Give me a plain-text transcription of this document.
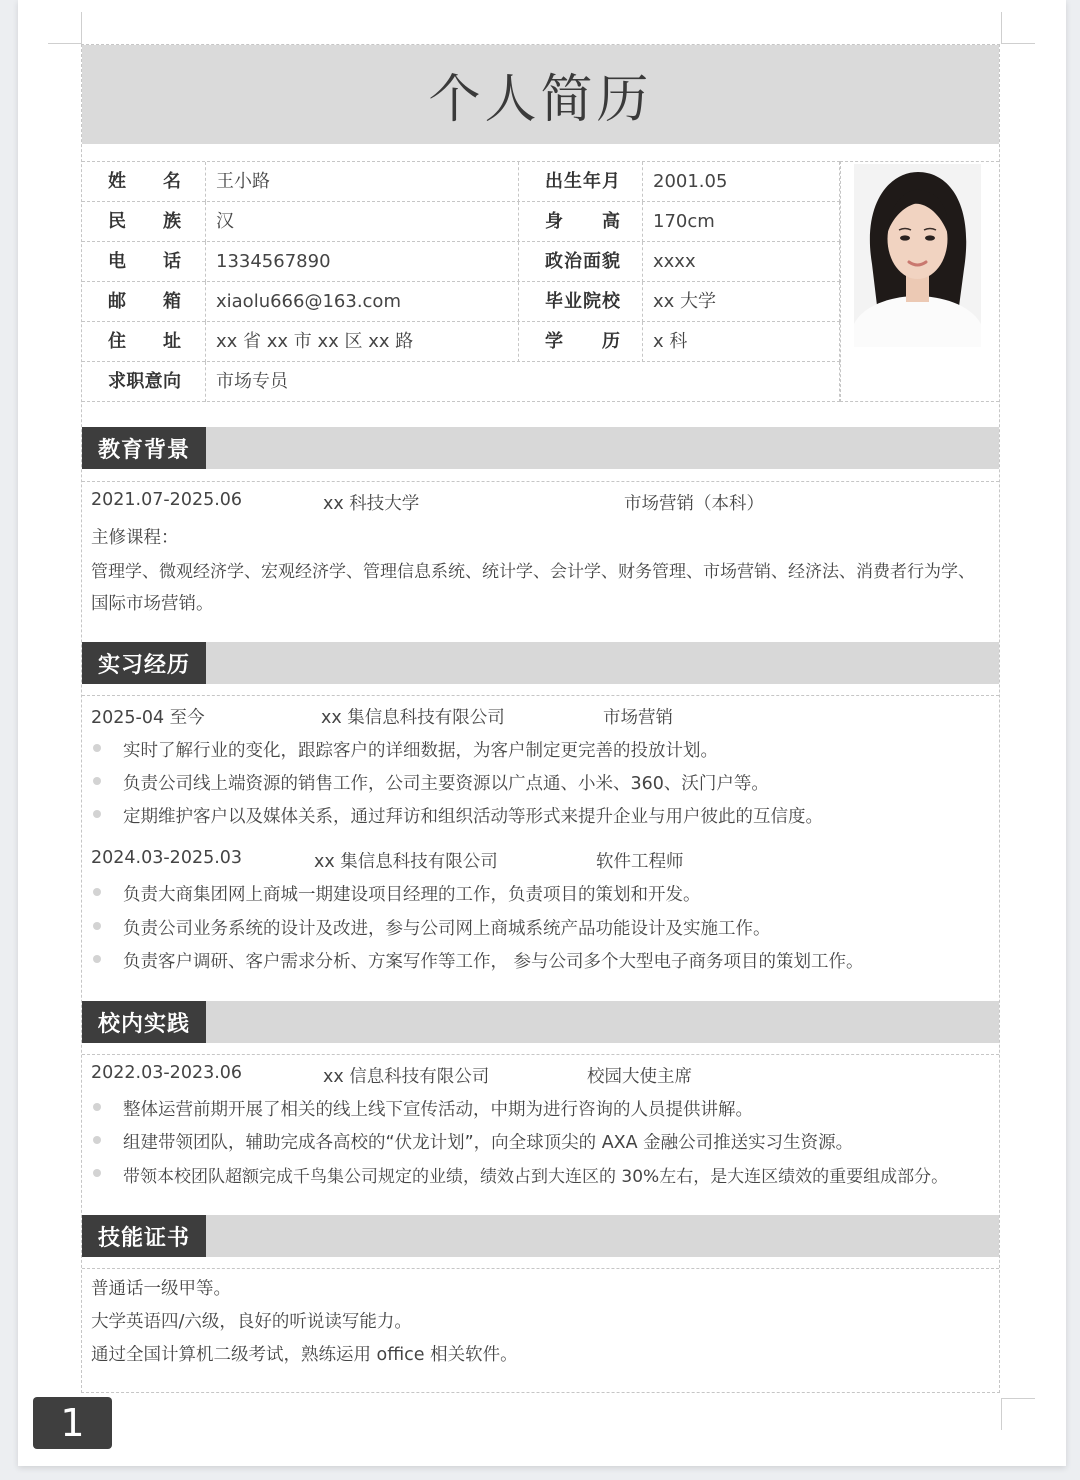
个人简历
姓名	王小路	出生年月	2001.05
民族	汉	身高	170cm
电话	1334567890	政治面貌	xxxx
邮箱	xiaolu666@163.com	毕业院校	xx 大学
住址	xx 省 xx 市 xx 区 xx 路	学历	x 科
求职意向	市场专员
教育背景
2021.07-2025.06	xx 科技大学	市场营销（本科）
主修课程：
管理学、微观经济学、宏观经济学、管理信息系统、统计学、会计学、财务管理、市场营销、经济法、消费者行为学、
国际市场营销。
实习经历
2025-04 至今	xx 集信息科技有限公司	市场营销
实时了解行业的变化，跟踪客户的详细数据，为客户制定更完善的投放计划。
负责公司线上端资源的销售工作，公司主要资源以广点通、小米、360、沃门户等。
定期维护客户以及媒体关系，通过拜访和组织活动等形式来提升企业与用户彼此的互信度。
2024.03-2025.03	xx 集信息科技有限公司	软件工程师
负责大商集团网上商城一期建设项目经理的工作，负责项目的策划和开发。
负责公司业务系统的设计及改进，参与公司网上商城系统产品功能设计及实施工作。
负责客户调研、客户需求分析、方案写作等工作， 参与公司多个大型电子商务项目的策划工作。
校内实践
2022.03-2023.06	xx 信息科技有限公司	校园大使主席
整体运营前期开展了相关的线上线下宣传活动，中期为进行咨询的人员提供讲解。
组建带领团队，辅助完成各高校的“伏龙计划”，向全球顶尖的 AXA 金融公司推送实习生资源。
带领本校团队超额完成千鸟集公司规定的业绩，绩效占到大连区的 30%左右，是大连区绩效的重要组成部分。
技能证书
普通话一级甲等。
大学英语四/六级，良好的听说读写能力。
通过全国计算机二级考试，熟练运用 office 相关软件。
1
